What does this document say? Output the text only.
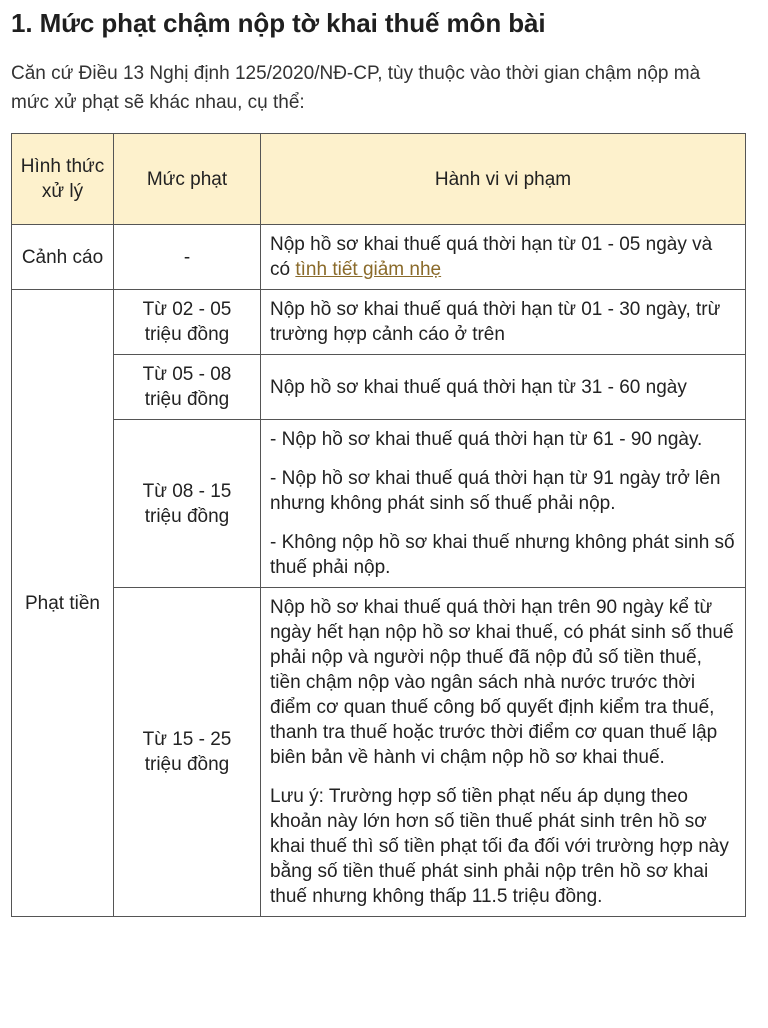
1. Mức phạt chậm nộp tờ khai thuế môn bài

Căn cứ Điều 13 Nghị định 125/2020/NĐ-CP, tùy thuộc vào thời gian chậm nộp mà mức xử phạt sẽ khác nhau, cụ thể:

Hình thức xử lý	Mức phạt	Hành vi vi phạm
Cảnh cáo	-	Nộp hồ sơ khai thuế quá thời hạn từ 01 - 05 ngày và có tình tiết giảm nhẹ
Phạt tiền	Từ 02 - 05 triệu đồng	Nộp hồ sơ khai thuế quá thời hạn từ 01 - 30 ngày, trừ trường hợp cảnh cáo ở trên
	Từ 05 - 08 triệu đồng	Nộp hồ sơ khai thuế quá thời hạn từ 31 - 60 ngày
	Từ 08 - 15 triệu đồng	- Nộp hồ sơ khai thuế quá thời hạn từ 61 - 90 ngày.

- Nộp hồ sơ khai thuế quá thời hạn từ 91 ngày trở lên nhưng không phát sinh số thuế phải nộp.

- Không nộp hồ sơ khai thuế nhưng không phát sinh số thuế phải nộp.

	Từ 15 - 25 triệu đồng	Nộp hồ sơ khai thuế quá thời hạn trên 90 ngày kể từ ngày hết hạn nộp hồ sơ khai thuế, có phát sinh số thuế phải nộp và người nộp thuế đã nộp đủ số tiền thuế, tiền chậm nộp vào ngân sách nhà nước trước thời điểm cơ quan thuế công bố quyết định kiểm tra thuế, thanh tra thuế hoặc trước thời điểm cơ quan thuế lập biên bản về hành vi chậm nộp hồ sơ khai thuế.

Lưu ý: Trường hợp số tiền phạt nếu áp dụng theo khoản này lớn hơn số tiền thuế phát sinh trên hồ sơ khai thuế thì số tiền phạt tối đa đối với trường hợp này bằng số tiền thuế phát sinh phải nộp trên hồ sơ khai thuế nhưng không thấp 11.5 triệu đồng.
